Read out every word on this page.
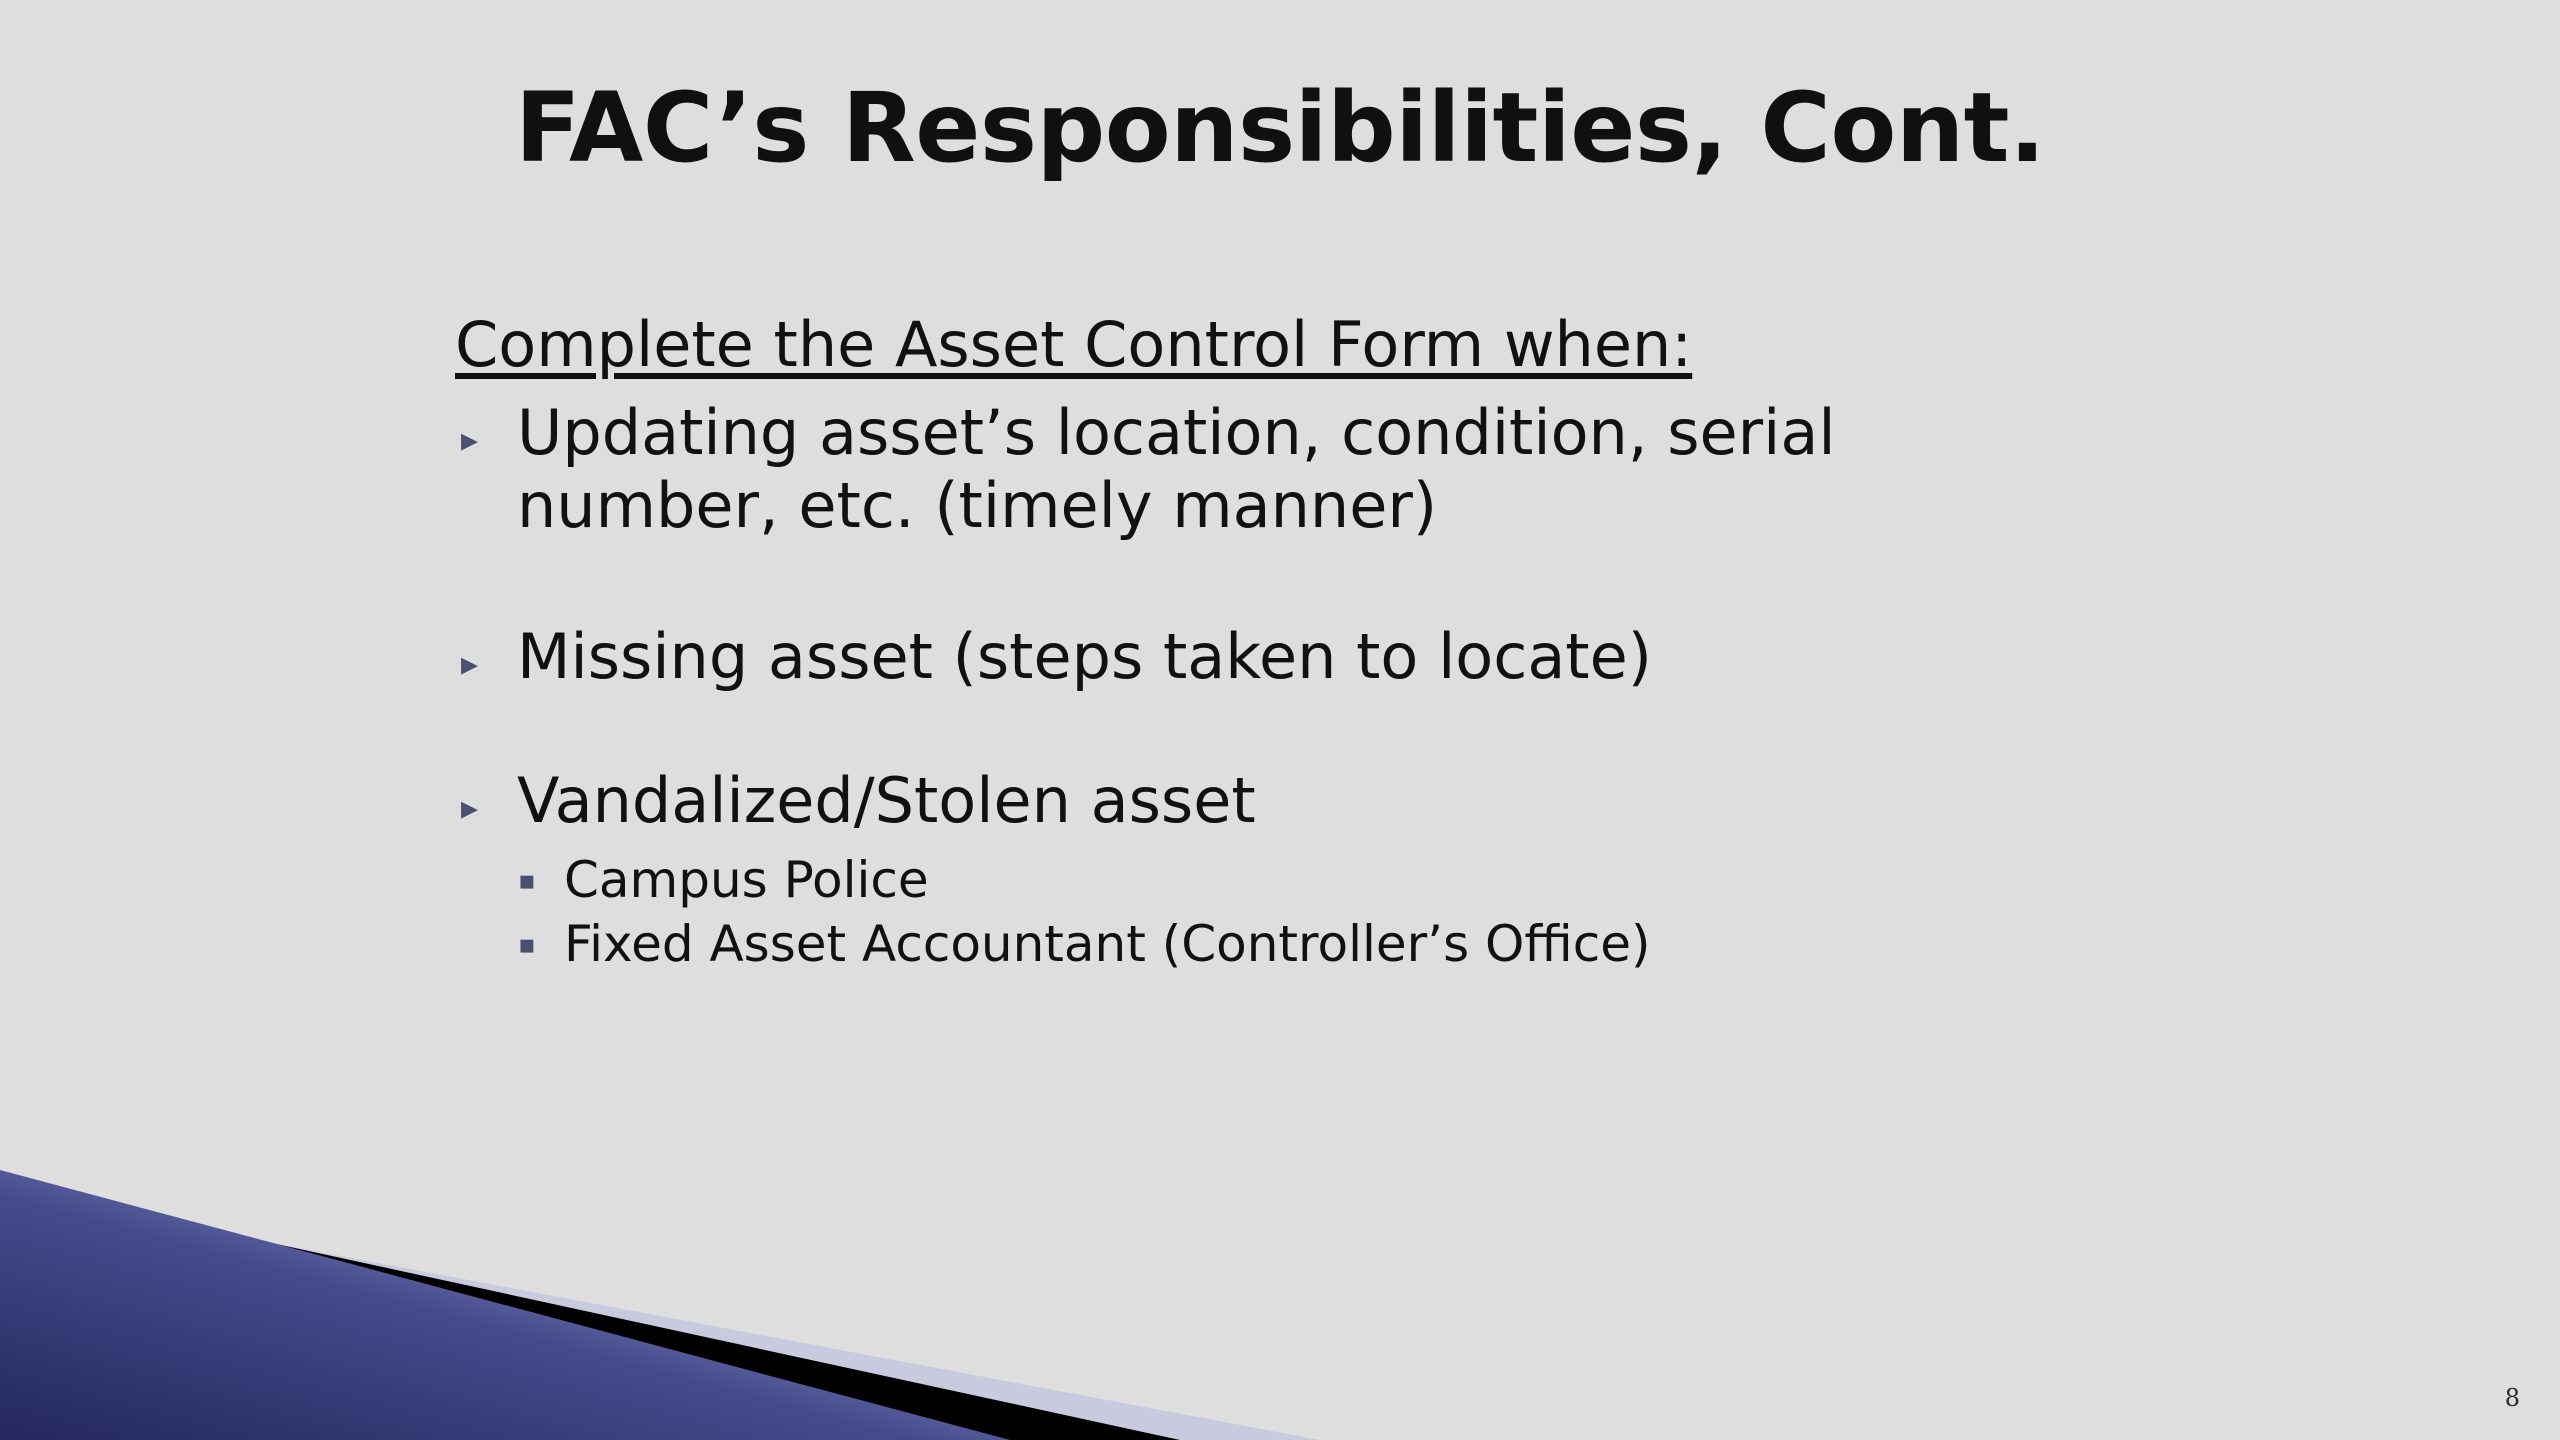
FAC’s Responsibilities, Cont.
Complete the Asset Control Form when:
▸ Updating asset’s location, condition, serial number, etc. (timely manner)
▸ Missing asset (steps taken to locate)
▸ Vandalized/Stolen asset
▪ Campus Police
▪ Fixed Asset Accountant (Controller’s Office)
8
